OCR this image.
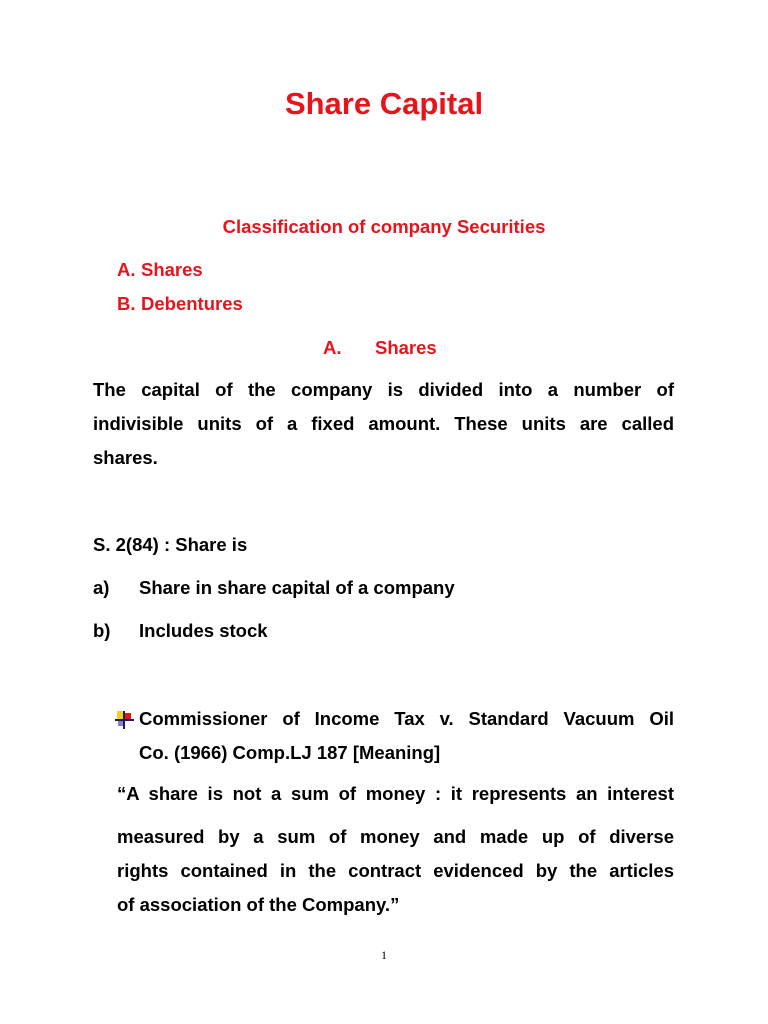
Share Capital
Classification of company Securities
A. Shares
B. Debentures
A. Shares
The capital of the company is divided into a number of
indivisible units of a fixed amount. These units are called
shares.
S. 2(84) : Share is
a) Share in share capital of a company
b) Includes stock
Commissioner of Income Tax v. Standard Vacuum Oil
Co. (1966) Comp.LJ 187 [Meaning]
“A share is not a sum of money : it represents an interest
measured by a sum of money and made up of diverse
rights contained in the contract evidenced by the articles
of association of the Company.”
1
